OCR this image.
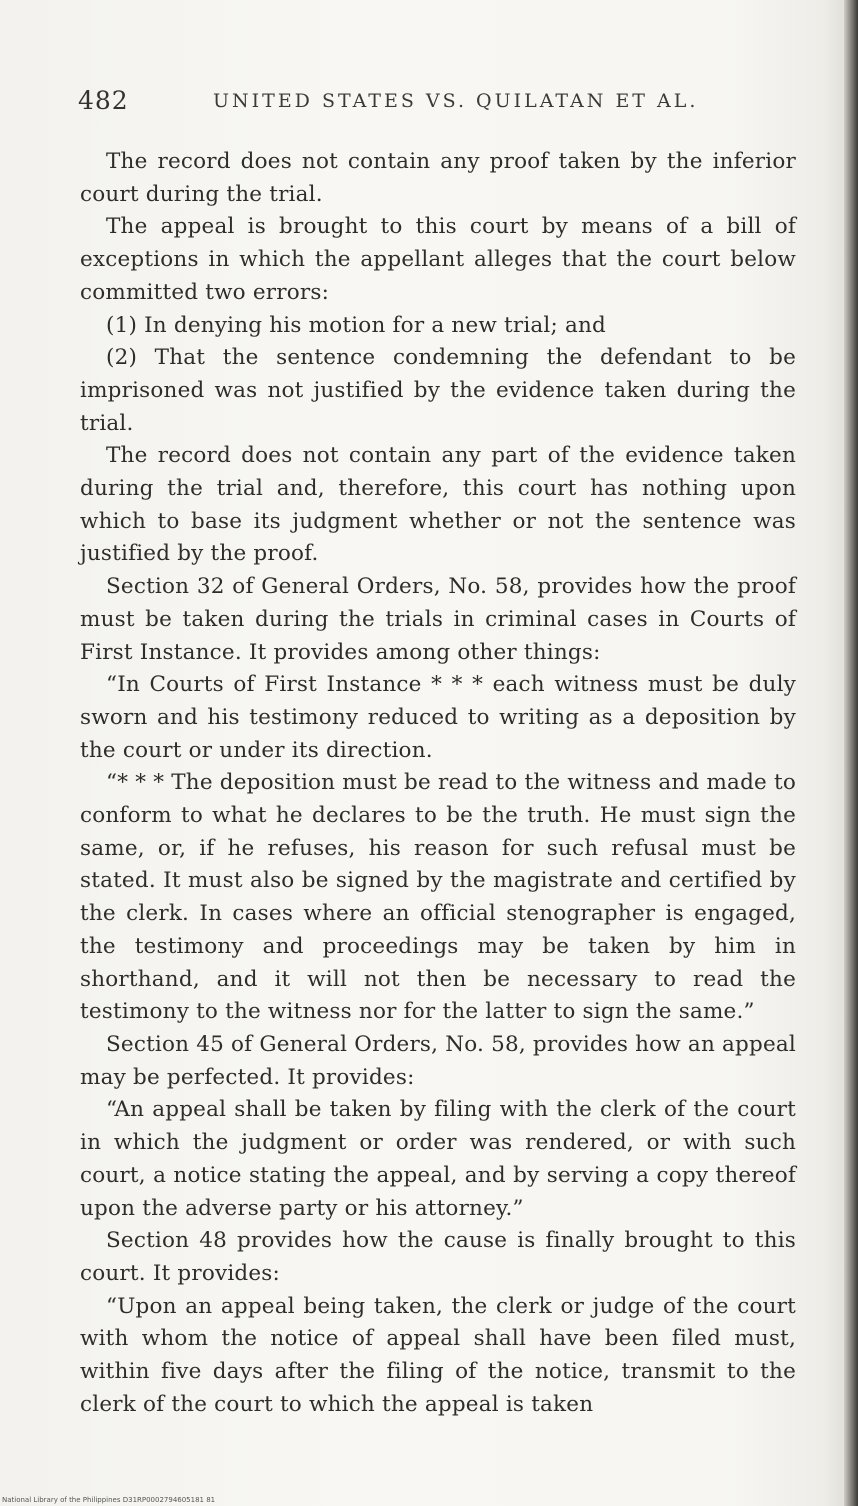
482	UNITED STATES VS. QUILATAN ET AL.

The record does not contain any proof taken by the inferior court during the trial.

The appeal is brought to this court by means of a bill of exceptions in which the appellant alleges that the court below committed two errors:

(1) In denying his motion for a new trial; and

(2) That the sentence condemning the defendant to be imprisoned was not justified by the evidence taken during the trial.

The record does not contain any part of the evidence taken during the trial and, therefore, this court has nothing upon which to base its judgment whether or not the sentence was justified by the proof.

Section 32 of General Orders, No. 58, provides how the proof must be taken during the trials in criminal cases in Courts of First Instance. It provides among other things:

“In Courts of First Instance * * * each witness must be duly sworn and his testimony reduced to writing as a deposition by the court or under its direction.

“* * * The deposition must be read to the witness and made to conform to what he declares to be the truth. He must sign the same, or, if he refuses, his reason for such refusal must be stated. It must also be signed by the magistrate and certified by the clerk. In cases where an official stenographer is engaged, the testimony and proceedings may be taken by him in shorthand, and it will not then be necessary to read the testimony to the witness nor for the latter to sign the same.”

Section 45 of General Orders, No. 58, provides how an appeal may be perfected. It provides:

“An appeal shall be taken by filing with the clerk of the court in which the judgment or order was rendered, or with such court, a notice stating the appeal, and by serving a copy thereof upon the adverse party or his attorney.”

Section 48 provides how the cause is finally brought to this court. It provides:

“Upon an appeal being taken, the clerk or judge of the court with whom the notice of appeal shall have been filed must, within five days after the filing of the notice, transmit to the clerk of the court to which the appeal is taken

National Library of the Philippines D31RP0002794605181 81
